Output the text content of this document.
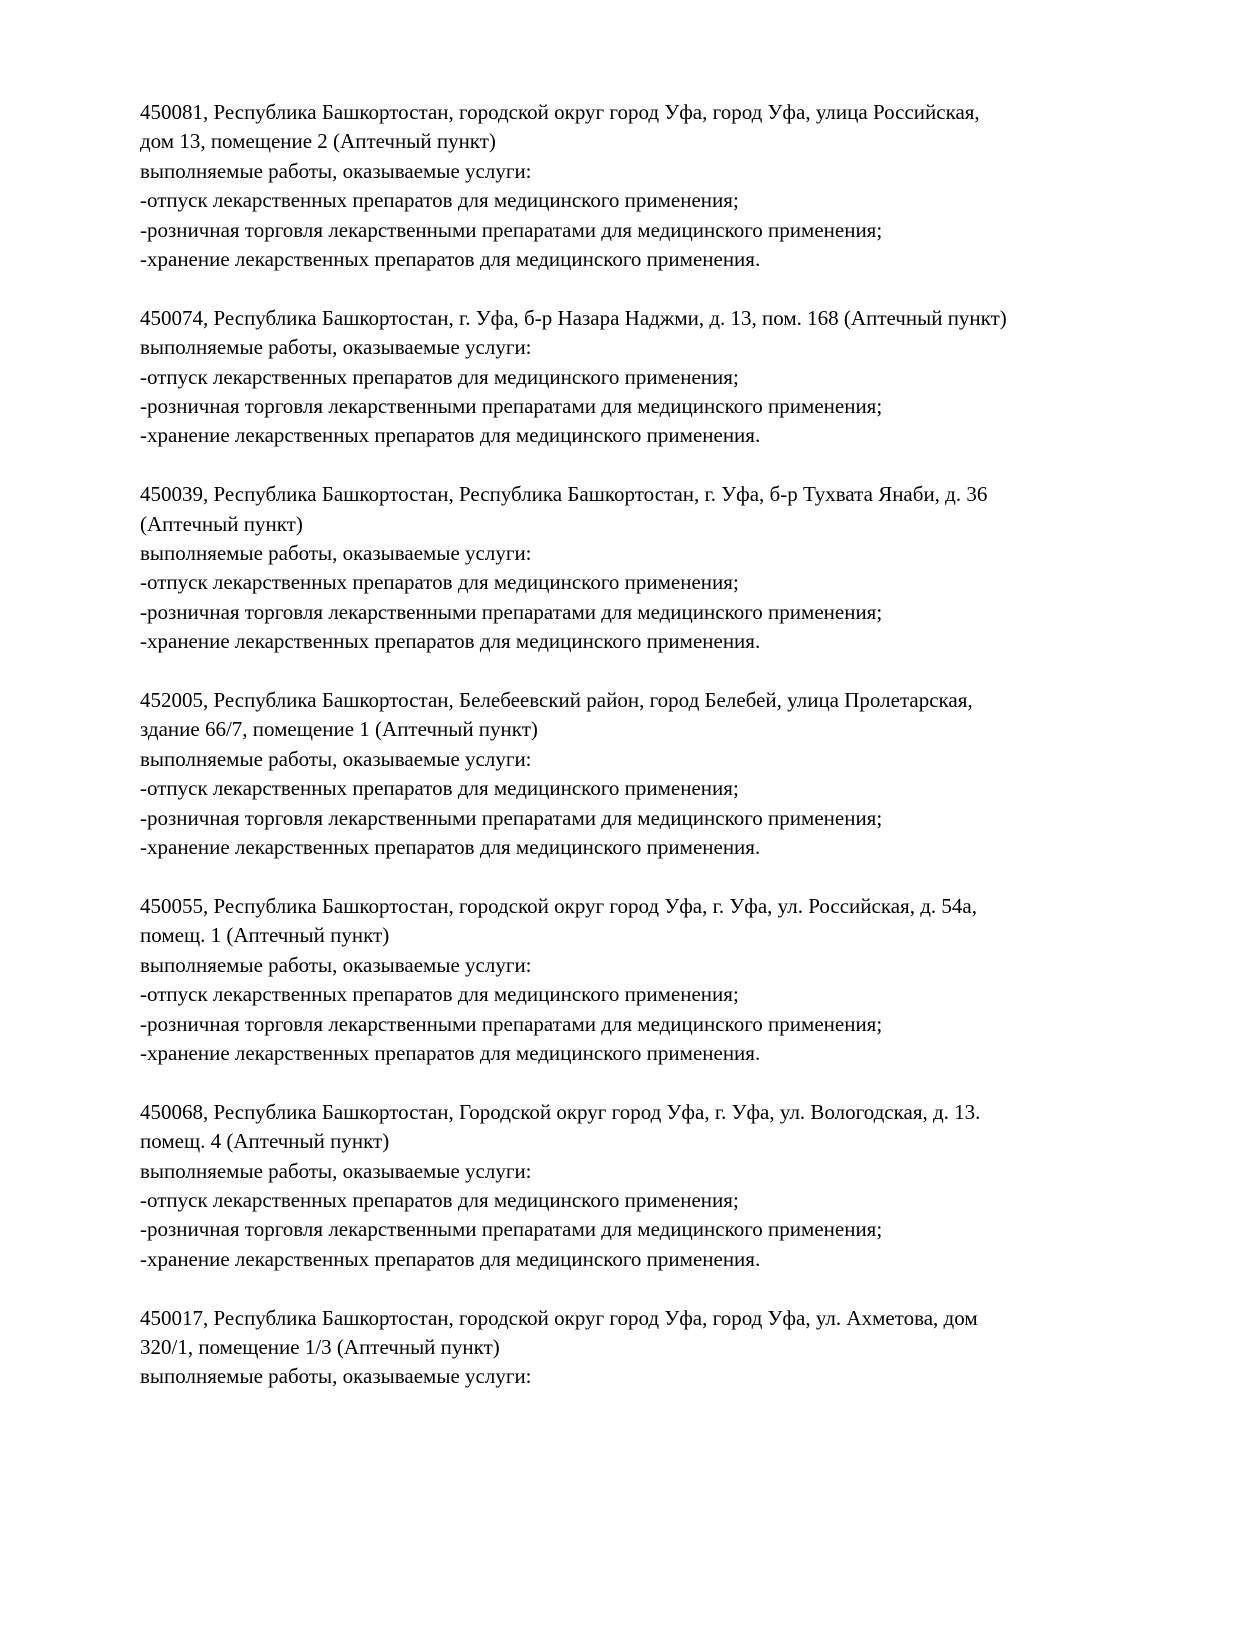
450081, Республика Башкортостан, городской округ город Уфа, город Уфа, улица Российская,
дом 13, помещение 2 (Аптечный пункт)
выполняемые работы, оказываемые услуги:
-отпуск лекарственных препаратов для медицинского применения;
-розничная торговля лекарственными препаратами для медицинского применения;
-хранение лекарственных препаратов для медицинского применения.
450074, Республика Башкортостан, г. Уфа, б-р Назара Наджми, д. 13, пом. 168 (Аптечный пункт)
выполняемые работы, оказываемые услуги:
-отпуск лекарственных препаратов для медицинского применения;
-розничная торговля лекарственными препаратами для медицинского применения;
-хранение лекарственных препаратов для медицинского применения.
450039, Республика Башкортостан, Республика Башкортостан, г. Уфа, б-р Тухвата Янаби, д. 36
(Аптечный пункт)
выполняемые работы, оказываемые услуги:
-отпуск лекарственных препаратов для медицинского применения;
-розничная торговля лекарственными препаратами для медицинского применения;
-хранение лекарственных препаратов для медицинского применения.
452005, Республика Башкортостан, Белебеевский район, город Белебей, улица Пролетарская,
здание 66/7, помещение 1 (Аптечный пункт)
выполняемые работы, оказываемые услуги:
-отпуск лекарственных препаратов для медицинского применения;
-розничная торговля лекарственными препаратами для медицинского применения;
-хранение лекарственных препаратов для медицинского применения.
450055, Республика Башкортостан, городской округ город Уфа, г. Уфа, ул. Российская, д. 54а,
помещ. 1 (Аптечный пункт)
выполняемые работы, оказываемые услуги:
-отпуск лекарственных препаратов для медицинского применения;
-розничная торговля лекарственными препаратами для медицинского применения;
-хранение лекарственных препаратов для медицинского применения.
450068, Республика Башкортостан, Городской округ город Уфа, г. Уфа, ул. Вологодская, д. 13.
помещ. 4 (Аптечный пункт)
выполняемые работы, оказываемые услуги:
-отпуск лекарственных препаратов для медицинского применения;
-розничная торговля лекарственными препаратами для медицинского применения;
-хранение лекарственных препаратов для медицинского применения.
450017, Республика Башкортостан, городской округ город Уфа, город Уфа, ул. Ахметова, дом
320/1, помещение 1/3 (Аптечный пункт)
выполняемые работы, оказываемые услуги:
